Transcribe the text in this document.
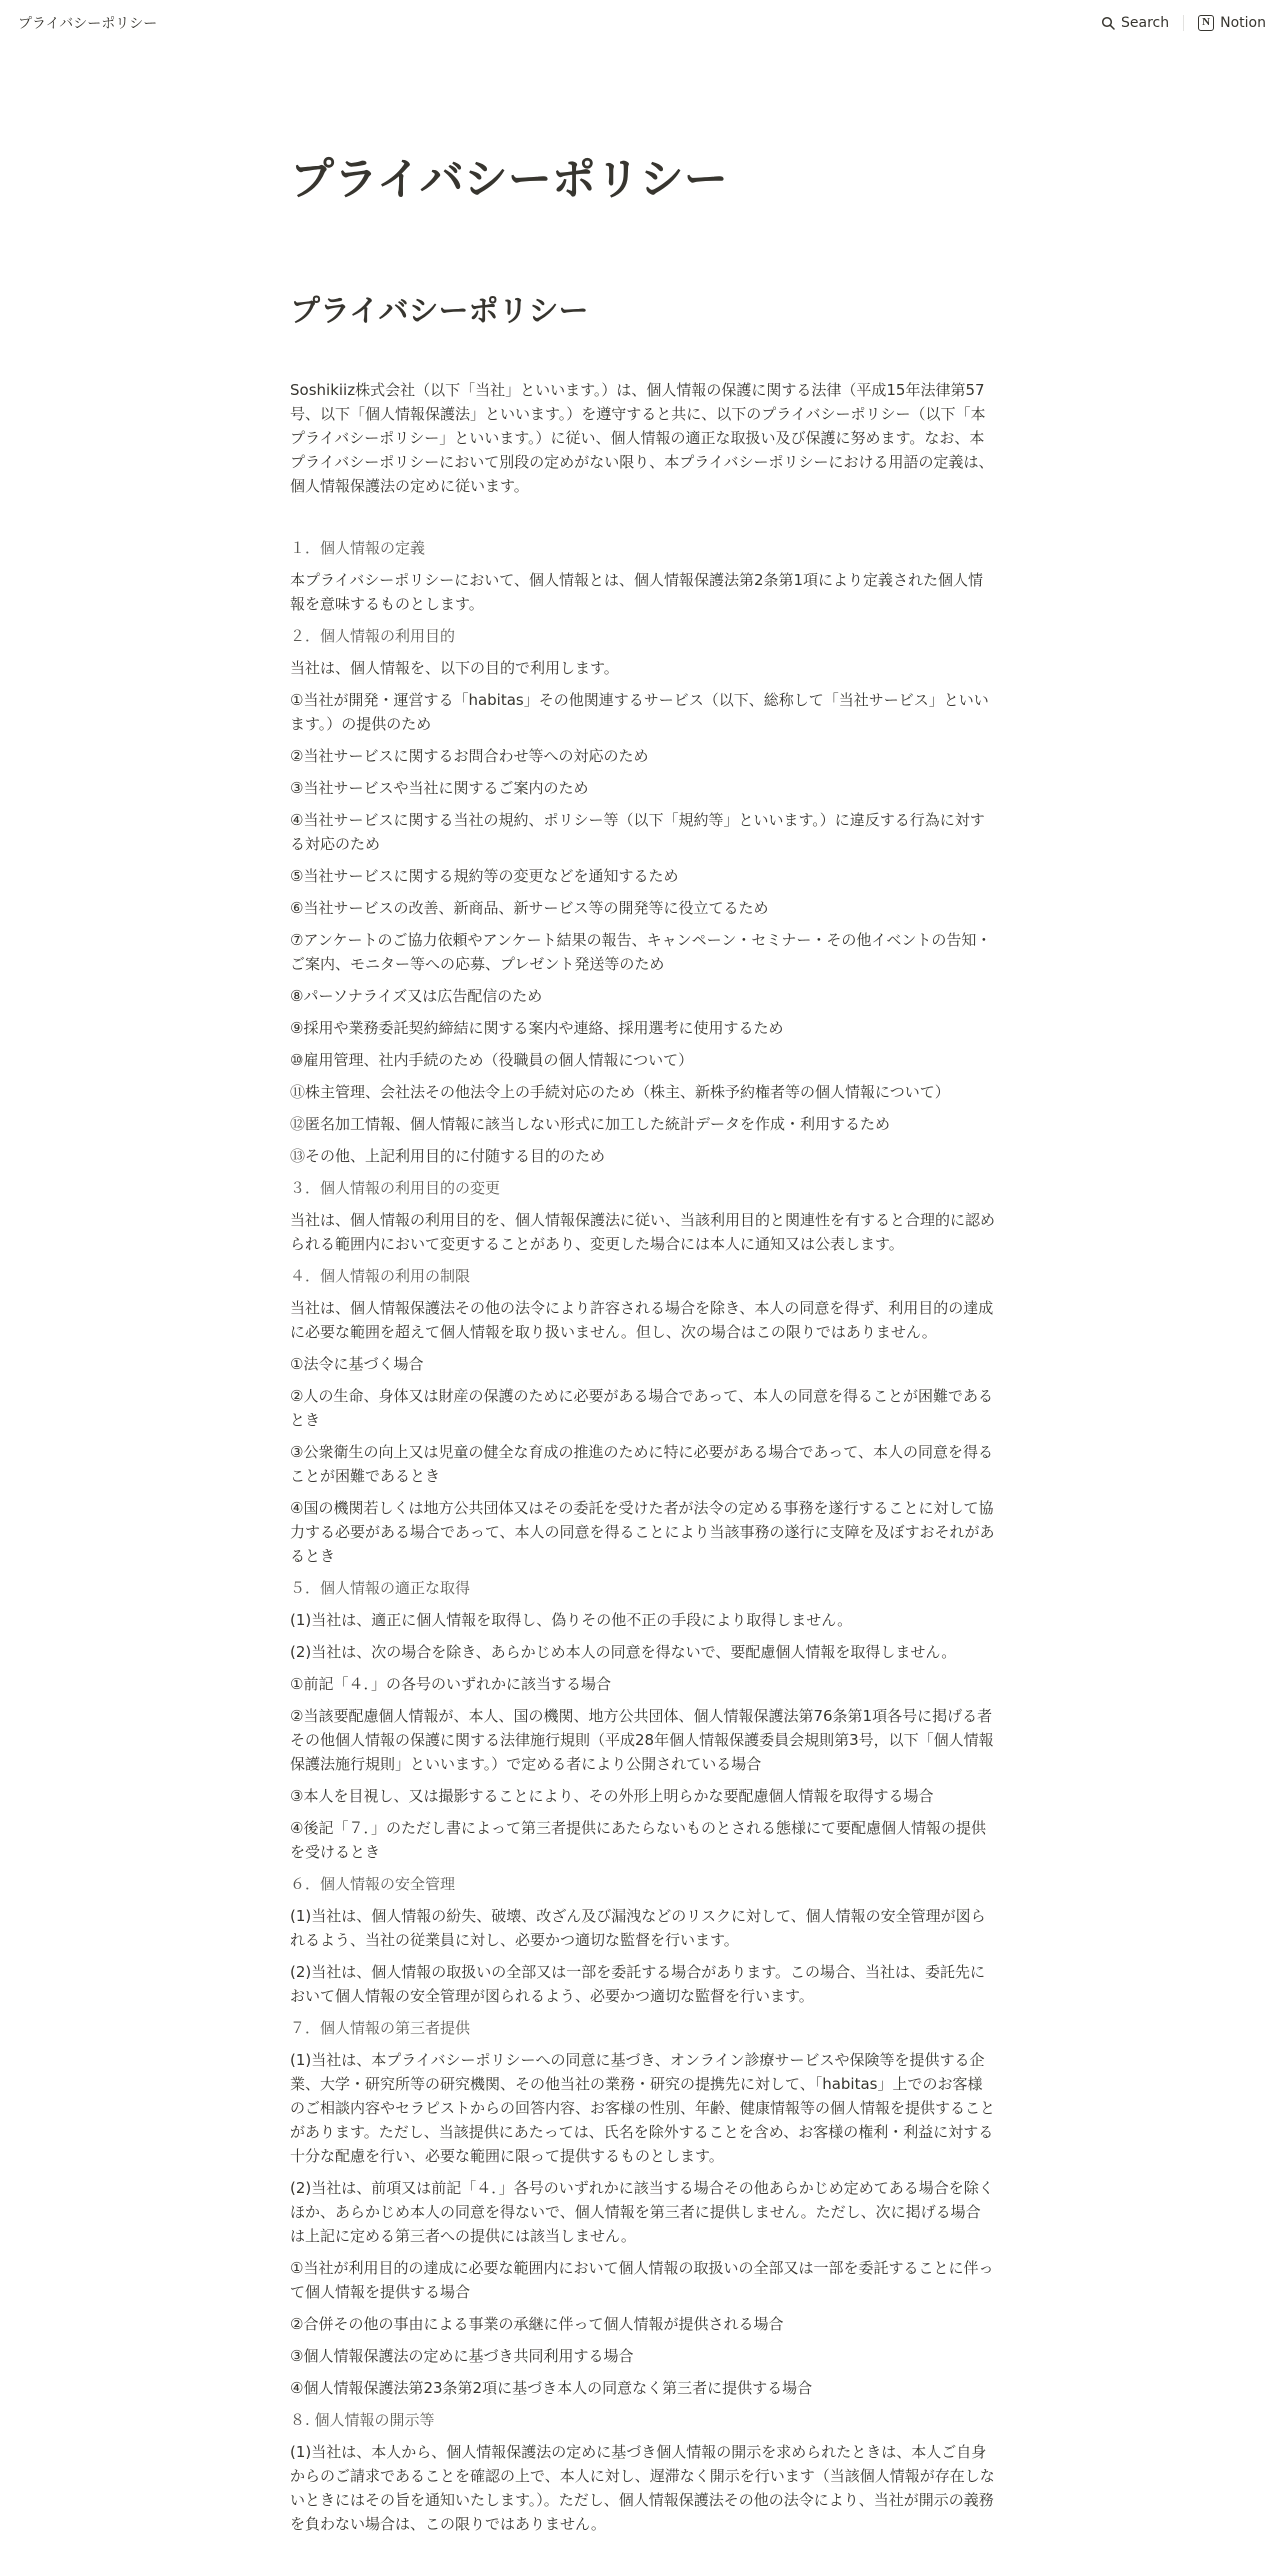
プライバシーポリシー	Search	N Notion
プライバシーポリシー
プライバシーポリシー

Soshikiiz株式会社（以下「当社」といいます。）は、個人情報の保護に関する法律（平成15年法律第57号、以下「個人情報保護法」といいます。）を遵守すると共に、以下のプライバシーポリシー（以下「本プライバシーポリシー」といいます。）に従い、個人情報の適正な取扱い及び保護に努めます。なお、本プライバシーポリシーにおいて別段の定めがない限り、本プライバシーポリシーにおける用語の定義は、個人情報保護法の定めに従います。

１．個人情報の定義

本プライバシーポリシーにおいて、個人情報とは、個人情報保護法第2条第1項により定義された個人情報を意味するものとします。

２．個人情報の利用目的

当社は、個人情報を、以下の目的で利用します。

①当社が開発・運営する「habitas」その他関連するサービス（以下、総称して「当社サービス」といいます。）の提供のため

②当社サービスに関するお問合わせ等への対応のため

③当社サービスや当社に関するご案内のため

④当社サービスに関する当社の規約、ポリシー等（以下「規約等」といいます。）に違反する行為に対する対応のため

⑤当社サービスに関する規約等の変更などを通知するため

⑥当社サービスの改善、新商品、新サービス等の開発等に役立てるため

⑦アンケートのご協力依頼やアンケート結果の報告、キャンペーン・セミナー・その他イベントの告知・ご案内、モニター等への応募、プレゼント発送等のため

⑧パーソナライズ又は広告配信のため

⑨採用や業務委託契約締結に関する案内や連絡、採用選考に使用するため

⑩雇用管理、社内手続のため（役職員の個人情報について）

⑪株主管理、会社法その他法令上の手続対応のため（株主、新株予約権者等の個人情報について）

⑫匿名加工情報、個人情報に該当しない形式に加工した統計データを作成・利用するため

⑬その他、上記利用目的に付随する目的のため

３．個人情報の利用目的の変更

当社は、個人情報の利用目的を、個人情報保護法に従い、当該利用目的と関連性を有すると合理的に認められる範囲内において変更することがあり、変更した場合には本人に通知又は公表します。

４．個人情報の利用の制限

当社は、個人情報保護法その他の法令により許容される場合を除き、本人の同意を得ず、利用目的の達成に必要な範囲を超えて個人情報を取り扱いません。但し、次の場合はこの限りではありません。

①法令に基づく場合

②人の生命、身体又は財産の保護のために必要がある場合であって、本人の同意を得ることが困難であるとき

③公衆衛生の向上又は児童の健全な育成の推進のために特に必要がある場合であって、本人の同意を得ることが困難であるとき

④国の機関若しくは地方公共団体又はその委託を受けた者が法令の定める事務を遂行することに対して協力する必要がある場合であって、本人の同意を得ることにより当該事務の遂行に支障を及ぼすおそれがあるとき

５．個人情報の適正な取得

(1)当社は、適正に個人情報を取得し、偽りその他不正の手段により取得しません。

(2)当社は、次の場合を除き、あらかじめ本人の同意を得ないで、要配慮個人情報を取得しません。

①前記「４．」の各号のいずれかに該当する場合

②当該要配慮個人情報が、本人、国の機関、地方公共団体、個人情報保護法第76条第1項各号に掲げる者その他個人情報の保護に関する法律施行規則（平成28年個人情報保護委員会規則第3号，以下「個人情報保護法施行規則」といいます。）で定める者により公開されている場合

③本人を目視し、又は撮影することにより、その外形上明らかな要配慮個人情報を取得する場合

④後記「７．」のただし書によって第三者提供にあたらないものとされる態様にて要配慮個人情報の提供を受けるとき

６．個人情報の安全管理

(1)当社は、個人情報の紛失、破壊、改ざん及び漏洩などのリスクに対して、個人情報の安全管理が図られるよう、当社の従業員に対し、必要かつ適切な監督を行います。

(2)当社は、個人情報の取扱いの全部又は一部を委託する場合があります。この場合、当社は、委託先において個人情報の安全管理が図られるよう、必要かつ適切な監督を行います。

７．個人情報の第三者提供

(1)当社は、本プライバシーポリシーへの同意に基づき、オンライン診療サービスや保険等を提供する企業、大学・研究所等の研究機関、その他当社の業務・研究の提携先に対して、「habitas」上でのお客様のご相談内容やセラピストからの回答内容、お客様の性別、年齢、健康情報等の個人情報を提供することがあります。ただし、当該提供にあたっては、氏名を除外することを含め、お客様の権利・利益に対する十分な配慮を行い、必要な範囲に限って提供するものとします。

(2)当社は、前項又は前記「４．」各号のいずれかに該当する場合その他あらかじめ定めてある場合を除くほか、あらかじめ本人の同意を得ないで、個人情報を第三者に提供しません。ただし、次に掲げる場合は上記に定める第三者への提供には該当しません。

①当社が利用目的の達成に必要な範囲内において個人情報の取扱いの全部又は一部を委託することに伴って個人情報を提供する場合

②合併その他の事由による事業の承継に伴って個人情報が提供される場合

③個人情報保護法の定めに基づき共同利用する場合

④個人情報保護法第23条第2項に基づき本人の同意なく第三者に提供する場合

８. 個人情報の開示等

(1)当社は、本人から、個人情報保護法の定めに基づき個人情報の開示を求められたときは、本人ご自身からのご請求であることを確認の上で、本人に対し、遅滞なく開示を行います（当該個人情報が存在しないときにはその旨を通知いたします。）。ただし、個人情報保護法その他の法令により、当社が開示の義務を負わない場合は、この限りではありません。
